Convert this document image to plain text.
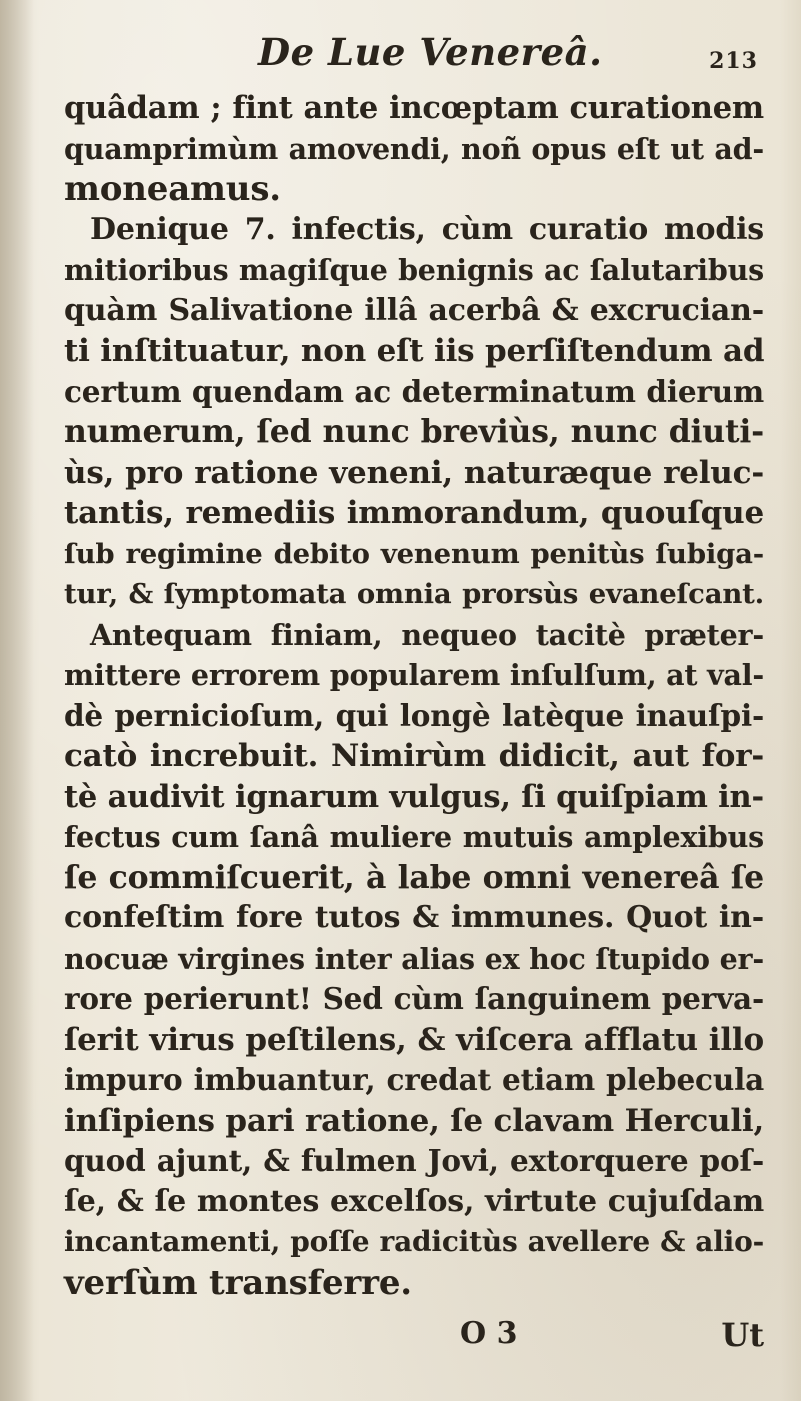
De Lue Venereâ.	213
quâdam ; fint ante incœptam curationem
quamprimùm amovendi, noñ opus eſt ut ad-
moneamus.
Denique 7. infectis, cùm curatio modis
mitioribus magiſque benignis ac ſalutaribus
quàm Salivatione illâ acerbâ & excrucian-
ti inſtituatur, non eſt iis perſiſtendum ad
certum quendam ac determinatum dierum
numerum, ſed nunc breviùs, nunc diuti-
ùs, pro ratione veneni, naturæque reluc-
tantis, remediis immorandum, quouſque
ſub regimine debito venenum penitùs ſubiga-
tur, & ſymptomata omnia prorsùs evaneſcant.
Antequam finiam, nequeo tacitè præter-
mittere errorem popularem inſulſum, at val-
dè pernicioſum, qui longè latèque inauſpi-
catò increbuit. Nimirùm didicit, aut for-
tè audivit ignarum vulgus, ſi quiſpiam in-
fectus cum ſanâ muliere mutuis amplexibus
ſe commiſcuerit, à labe omni venereâ ſe
confeſtim fore tutos & immunes. Quot in-
nocuæ virgines inter alias ex hoc ſtupido er-
rore perierunt! Sed cùm ſanguinem perva-
ſerit virus peſtilens, & viſcera afflatu illo
impuro imbuantur, credat etiam plebecula
inſipiens pari ratione, ſe clavam Herculi,
quod ajunt, & fulmen Jovi, extorquere poſ-
ſe, & ſe montes excelſos, virtute cujuſdam
incantamenti, poſſe radicitùs avellere & alio-
verſùm transferre.
O 3	Ut
